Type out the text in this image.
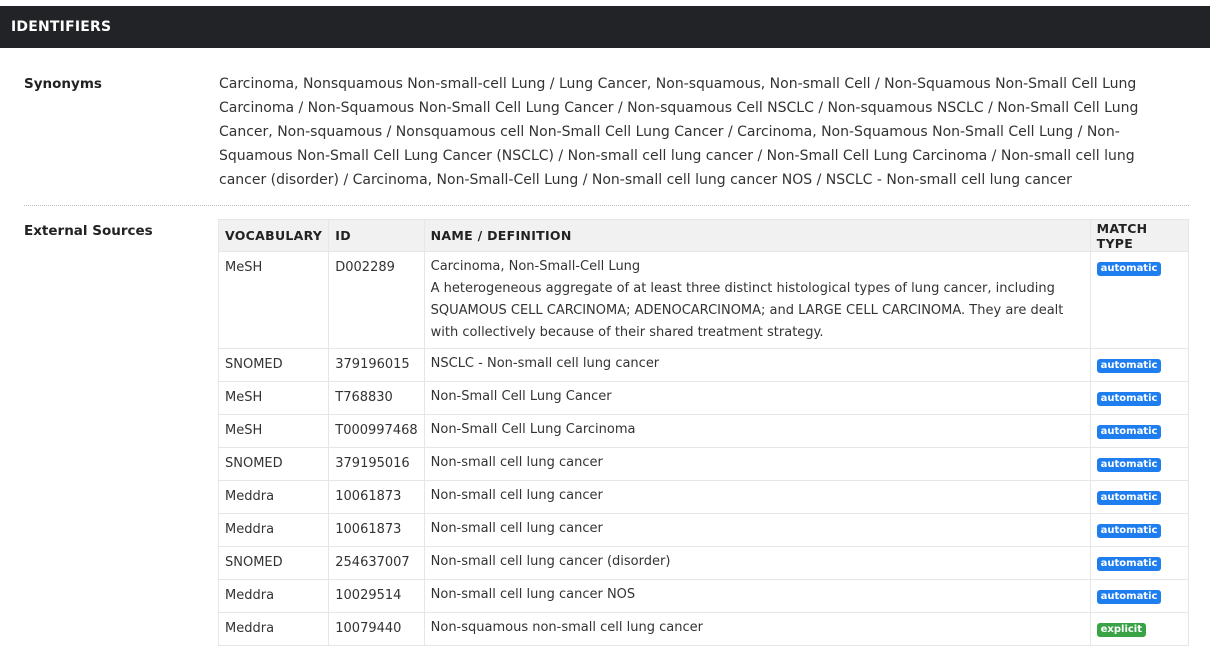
IDENTIFIERS
Synonyms	Carcinoma, Nonsquamous Non-small-cell Lung / Lung Cancer, Non-squamous, Non-small Cell / Non-Squamous Non-Small Cell Lung Carcinoma / Non-Squamous Non-Small Cell Lung Cancer / Non-squamous Cell NSCLC / Non-squamous NSCLC / Non-Small Cell Lung Cancer, Non-squamous / Nonsquamous cell Non-Small Cell Lung Cancer / Carcinoma, Non-Squamous Non-Small Cell Lung / Non-Squamous Non-Small Cell Lung Cancer (NSCLC) / Non-small cell lung cancer / Non-Small Cell Lung Carcinoma / Non-small cell lung cancer (disorder) / Carcinoma, Non-Small-Cell Lung / Non-small cell lung cancer NOS / NSCLC - Non-small cell lung cancer
External Sources	VOCABULARY	ID	NAME / DEFINITION	MATCH TYPE
MeSH	D002289	Carcinoma, Non-Small-Cell Lung
A heterogeneous aggregate of at least three distinct histological types of lung cancer, including SQUAMOUS CELL CARCINOMA; ADENOCARCINOMA; and LARGE CELL CARCINOMA. They are dealt with collectively because of their shared treatment strategy.	automatic
SNOMED	379196015	NSCLC - Non-small cell lung cancer	automatic
MeSH	T768830	Non-Small Cell Lung Cancer	automatic
MeSH	T000997468	Non-Small Cell Lung Carcinoma	automatic
SNOMED	379195016	Non-small cell lung cancer	automatic
Meddra	10061873	Non-small cell lung cancer	automatic
Meddra	10061873	Non-small cell lung cancer	automatic
SNOMED	254637007	Non-small cell lung cancer (disorder)	automatic
Meddra	10029514	Non-small cell lung cancer NOS	automatic
Meddra	10079440	Non-squamous non-small cell lung cancer	explicit
